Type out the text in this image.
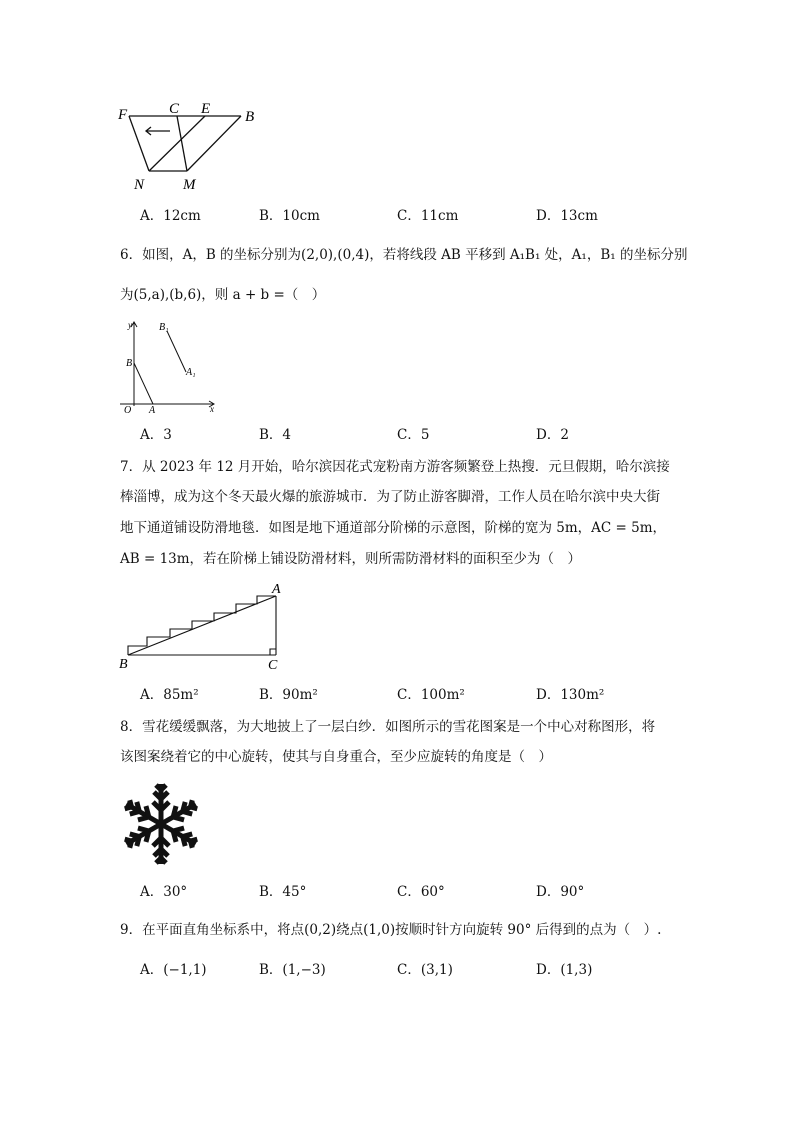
F	C E B
N	M
A．12cm	B．10cm	C．11cm	D．13cm
6．如图，A，B 的坐标分别为(2,0),(0,4)，若将线段 AB 平移到 A₁B₁ 处，A₁，B₁ 的坐标分别
为(5,a),(b,6)，则 a + b =（　）
y	B₁
B
A₁
O A	x
A．3	B．4	C．5	D．2
7．从 2023 年 12 月开始，哈尔滨因花式宠粉南方游客频繁登上热搜．元旦假期，哈尔滨接
棒淄博，成为这个冬天最火爆的旅游城市．为了防止游客脚滑，工作人员在哈尔滨中央大街
地下通道铺设防滑地毯．如图是地下通道部分阶梯的示意图，阶梯的宽为 5m，AC = 5m，
AB = 13m，若在阶梯上铺设防滑材料，则所需防滑材料的面积至少为（　）
A
B	C
A．85m²	B．90m²	C．100m²	D．130m²
8．雪花缓缓飘落，为大地披上了一层白纱．如图所示的雪花图案是一个中心对称图形，将
该图案绕着它的中心旋转，使其与自身重合，至少应旋转的角度是（　）
A．30°	B．45°	C．60°	D．90°
9．在平面直角坐标系中，将点(0,2)绕点(1,0)按顺时针方向旋转 90° 后得到的点为（　）.
A．(−1,1)	B．(1,−3)	C．(3,1)	D．(1,3)
